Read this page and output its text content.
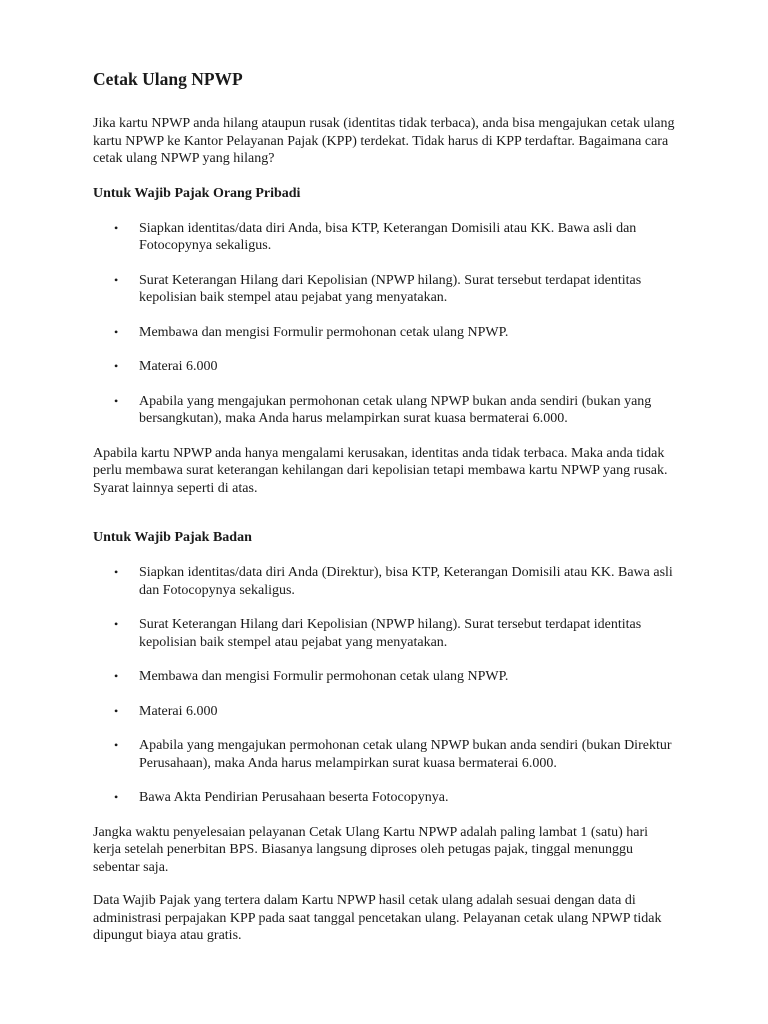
Cetak Ulang NPWP

Jika kartu NPWP anda hilang ataupun rusak (identitas tidak terbaca), anda bisa mengajukan cetak ulang kartu NPWP ke Kantor Pelayanan Pajak (KPP) terdekat. Tidak harus di KPP terdaftar. Bagaimana cara cetak ulang NPWP yang hilang?

Untuk Wajib Pajak Orang Pribadi
• Siapkan identitas/data diri Anda, bisa KTP, Keterangan Domisili atau KK. Bawa asli dan Fotocopynya sekaligus.
• Surat Keterangan Hilang dari Kepolisian (NPWP hilang). Surat tersebut terdapat identitas kepolisian baik stempel atau pejabat yang menyatakan.
• Membawa dan mengisi Formulir permohonan cetak ulang NPWP.
• Materai 6.000
• Apabila yang mengajukan permohonan cetak ulang NPWP bukan anda sendiri (bukan yang bersangkutan), maka Anda harus melampirkan surat kuasa bermaterai 6.000.

Apabila kartu NPWP anda hanya mengalami kerusakan, identitas anda tidak terbaca. Maka anda tidak perlu membawa surat keterangan kehilangan dari kepolisian tetapi membawa kartu NPWP yang rusak. Syarat lainnya seperti di atas.

Untuk Wajib Pajak Badan
• Siapkan identitas/data diri Anda (Direktur), bisa KTP, Keterangan Domisili atau KK. Bawa asli dan Fotocopynya sekaligus.
• Surat Keterangan Hilang dari Kepolisian (NPWP hilang). Surat tersebut terdapat identitas kepolisian baik stempel atau pejabat yang menyatakan.
• Membawa dan mengisi Formulir permohonan cetak ulang NPWP.
• Materai 6.000
• Apabila yang mengajukan permohonan cetak ulang NPWP bukan anda sendiri (bukan Direktur Perusahaan), maka Anda harus melampirkan surat kuasa bermaterai 6.000.
• Bawa Akta Pendirian Perusahaan beserta Fotocopynya.

Jangka waktu penyelesaian pelayanan Cetak Ulang Kartu NPWP adalah paling lambat 1 (satu) hari kerja setelah penerbitan BPS. Biasanya langsung diproses oleh petugas pajak, tinggal menunggu sebentar saja.

Data Wajib Pajak yang tertera dalam Kartu NPWP hasil cetak ulang adalah sesuai dengan data di administrasi perpajakan KPP pada saat tanggal pencetakan ulang. Pelayanan cetak ulang NPWP tidak dipungut biaya atau gratis.
